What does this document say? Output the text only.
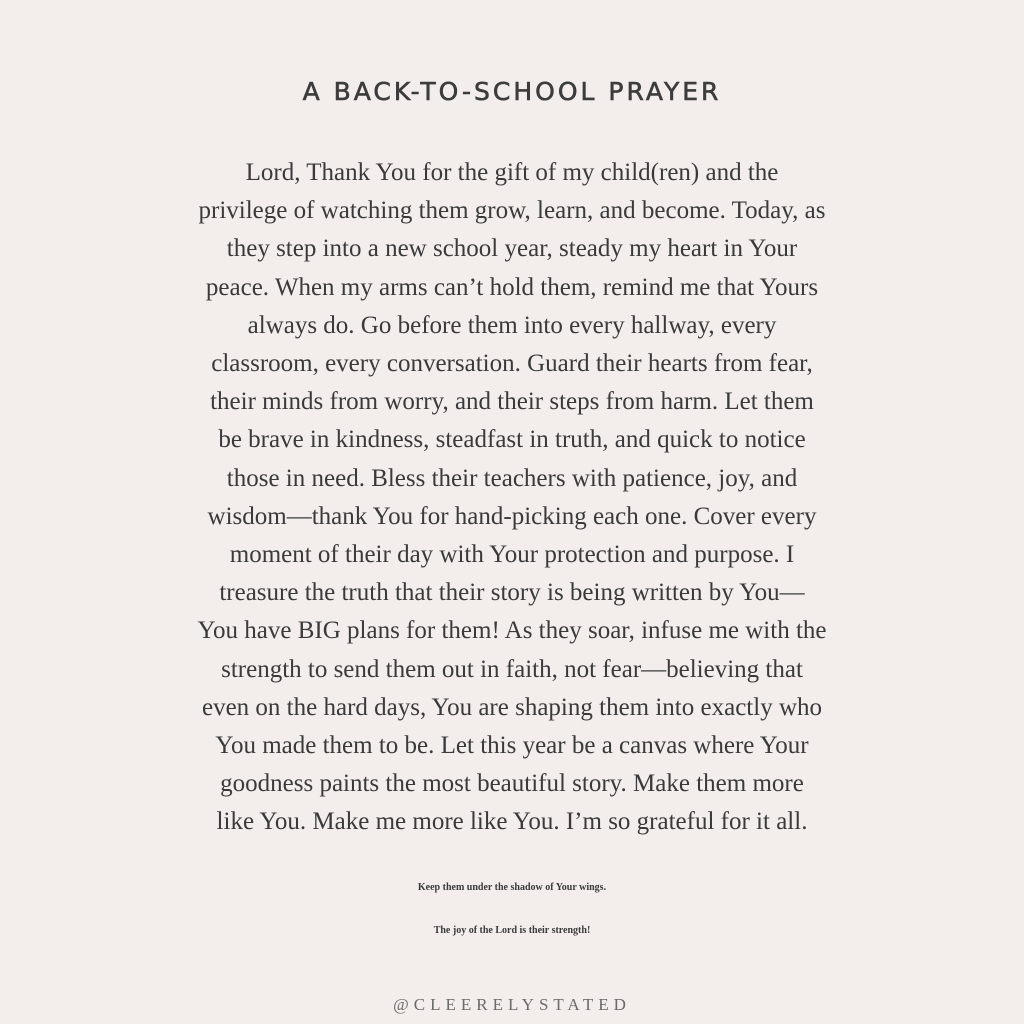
A BACK-TO-SCHOOL PRAYER
Lord, Thank You for the gift of my child(ren) and the
privilege of watching them grow, learn, and become. Today, as
they step into a new school year, steady my heart in Your
peace. When my arms can’t hold them, remind me that Yours
always do. Go before them into every hallway, every
classroom, every conversation. Guard their hearts from fear,
their minds from worry, and their steps from harm. Let them
be brave in kindness, steadfast in truth, and quick to notice
those in need. Bless their teachers with patience, joy, and
wisdom—thank You for hand-picking each one. Cover every
moment of their day with Your protection and purpose. I
treasure the truth that their story is being written by You—
You have BIG plans for them! As they soar, infuse me with the
strength to send them out in faith, not fear—believing that
even on the hard days, You are shaping them into exactly who
You made them to be. Let this year be a canvas where Your
goodness paints the most beautiful story. Make them more
like You. Make me more like You. I’m so grateful for it all.
Keep them under the shadow of Your wings.
The joy of the Lord is their strength!
@CLEERELYSTATED
